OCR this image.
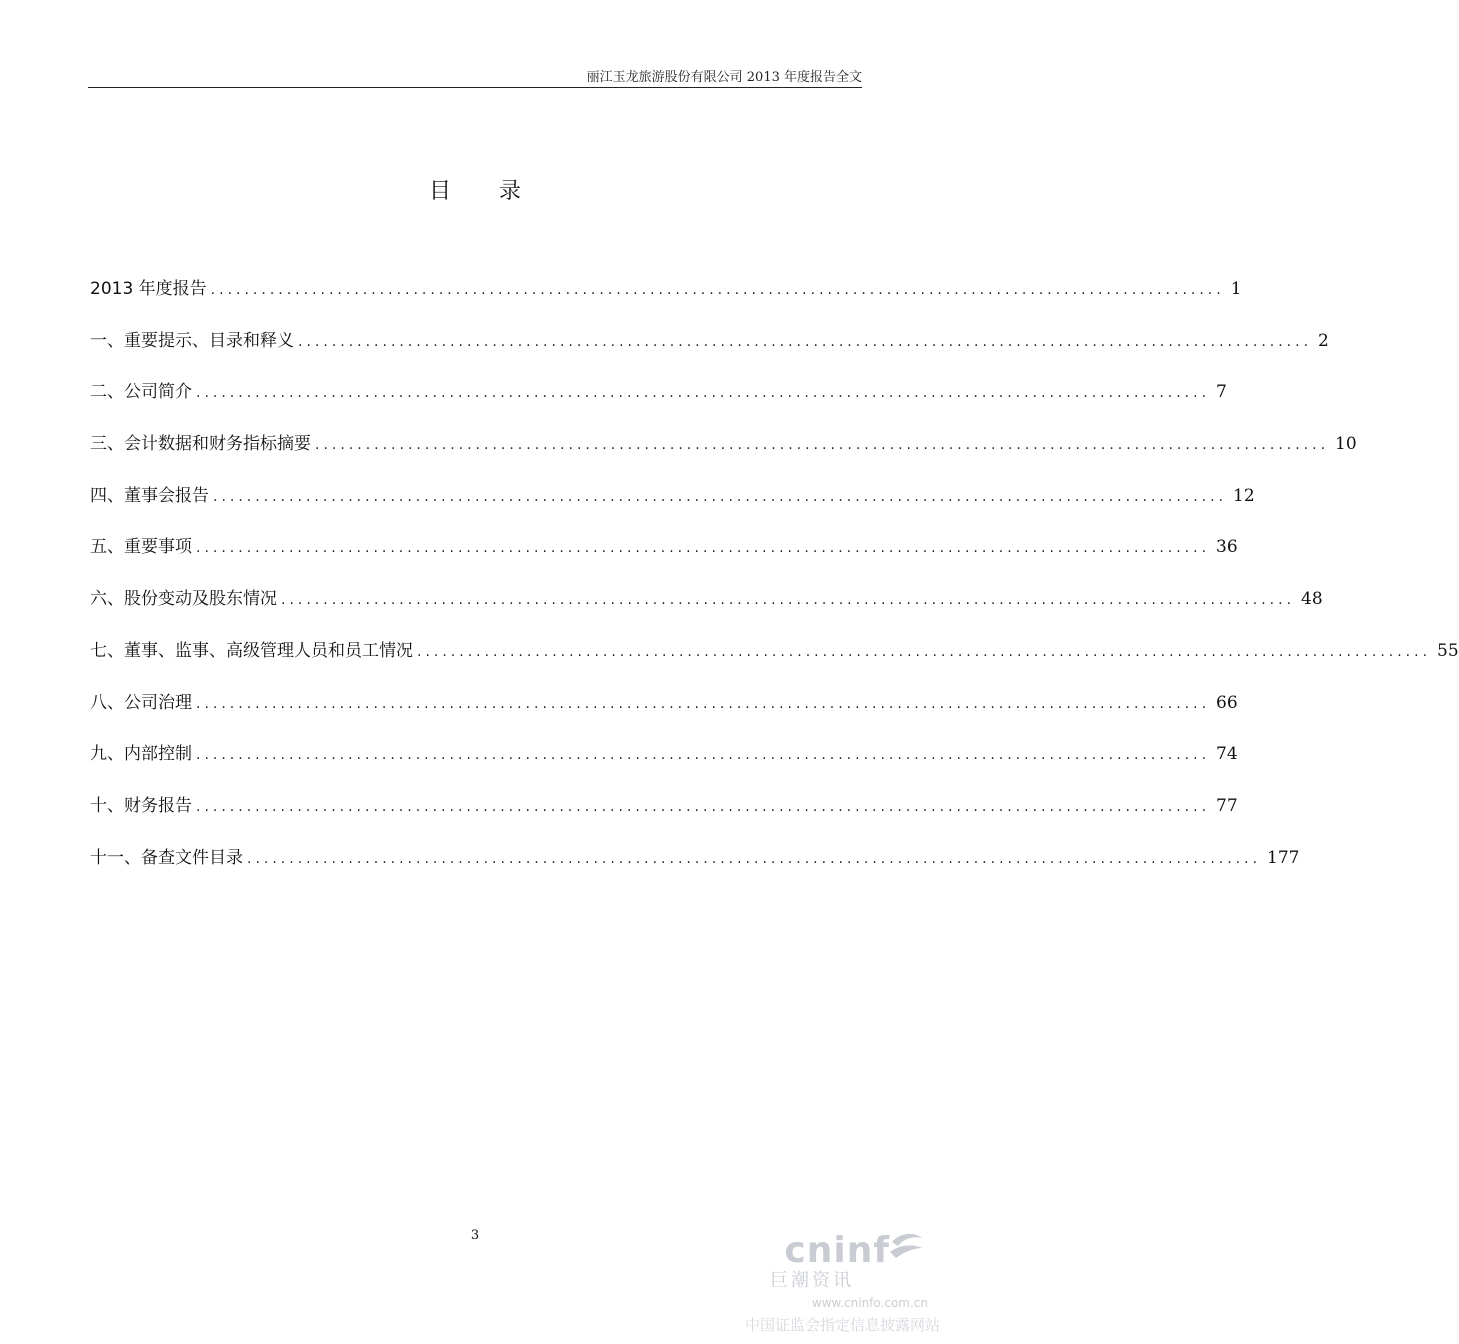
丽江玉龙旅游股份有限公司 2013 年度报告全文
目录
2013 年度报告 ........................................................................................................................ 1
一、重要提示、目录和释义 ........................................................................................................................ 2
二、公司简介 ........................................................................................................................ 7
三、会计数据和财务指标摘要 ........................................................................................................................ 10
四、董事会报告 ........................................................................................................................ 12
五、重要事项 ........................................................................................................................ 36
六、股份变动及股东情况 ........................................................................................................................ 48
七、董事、监事、高级管理人员和员工情况 ........................................................................................................................ 55
八、公司治理 ........................................................................................................................ 66
九、内部控制 ........................................................................................................................ 74
十、财务报告 ........................................................................................................................ 77
十一、备查文件目录 ........................................................................................................................ 177
3	cninf
巨潮资讯
www.cninfo.com.cn
中国证监会指定信息披露网站
